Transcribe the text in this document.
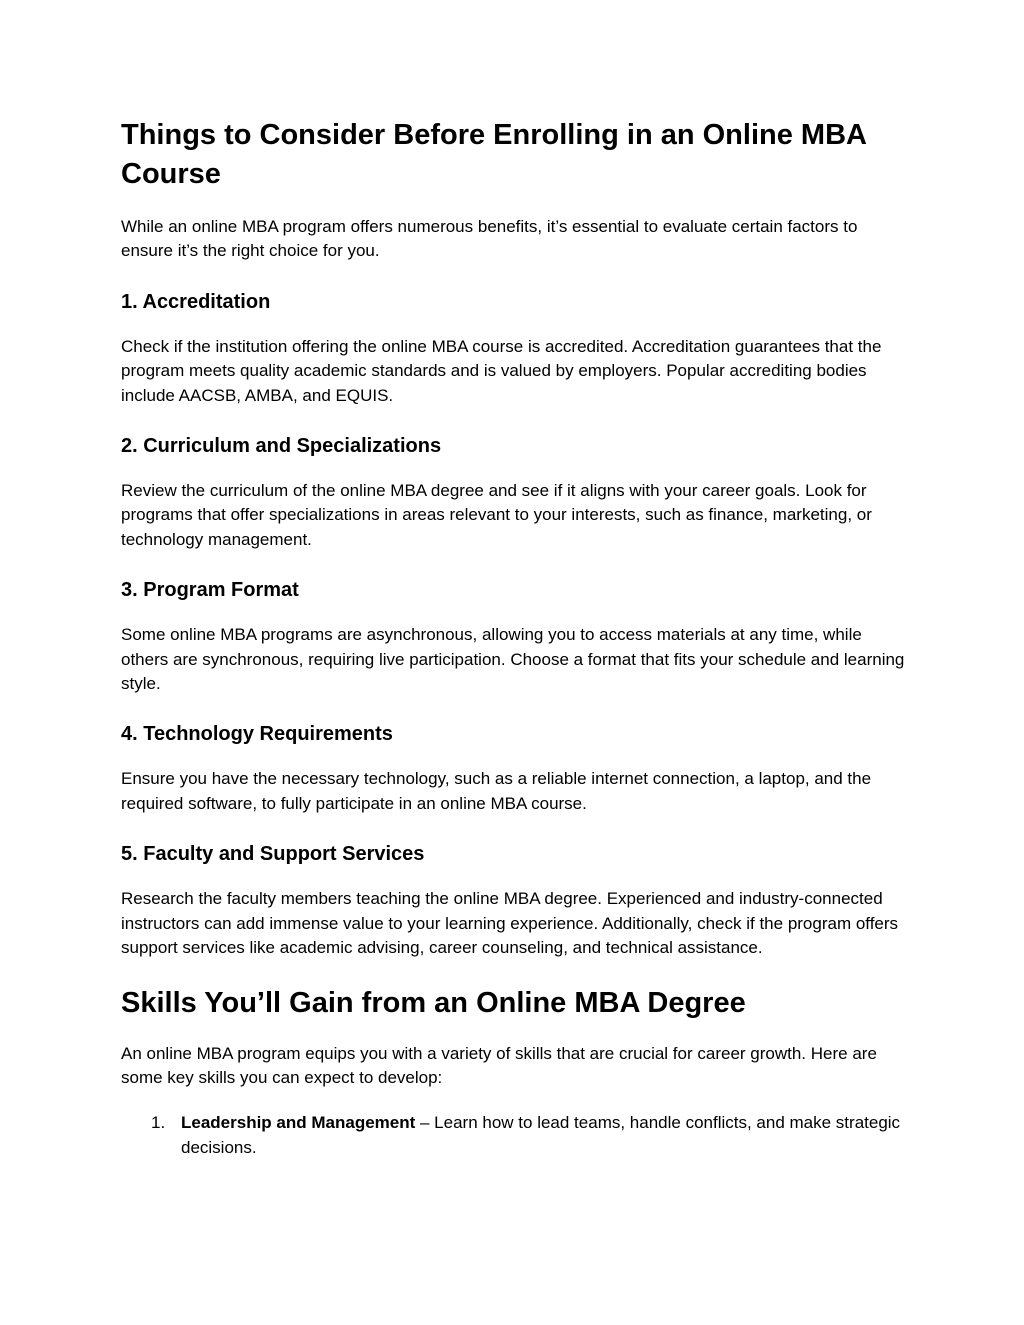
Things to Consider Before Enrolling in an Online MBA Course

While an online MBA program offers numerous benefits, it’s essential to evaluate certain factors to ensure it’s the right choice for you.

1. Accreditation

Check if the institution offering the online MBA course is accredited. Accreditation guarantees that the program meets quality academic standards and is valued by employers. Popular accrediting bodies include AACSB, AMBA, and EQUIS.

2. Curriculum and Specializations

Review the curriculum of the online MBA degree and see if it aligns with your career goals. Look for programs that offer specializations in areas relevant to your interests, such as finance, marketing, or technology management.

3. Program Format

Some online MBA programs are asynchronous, allowing you to access materials at any time, while others are synchronous, requiring live participation. Choose a format that fits your schedule and learning style.

4. Technology Requirements

Ensure you have the necessary technology, such as a reliable internet connection, a laptop, and the required software, to fully participate in an online MBA course.

5. Faculty and Support Services

Research the faculty members teaching the online MBA degree. Experienced and industry-connected instructors can add immense value to your learning experience. Additionally, check if the program offers support services like academic advising, career counseling, and technical assistance.

Skills You’ll Gain from an Online MBA Degree

An online MBA program equips you with a variety of skills that are crucial for career growth. Here are some key skills you can expect to develop:

1. Leadership and Management – Learn how to lead teams, handle conflicts, and make strategic decisions.
